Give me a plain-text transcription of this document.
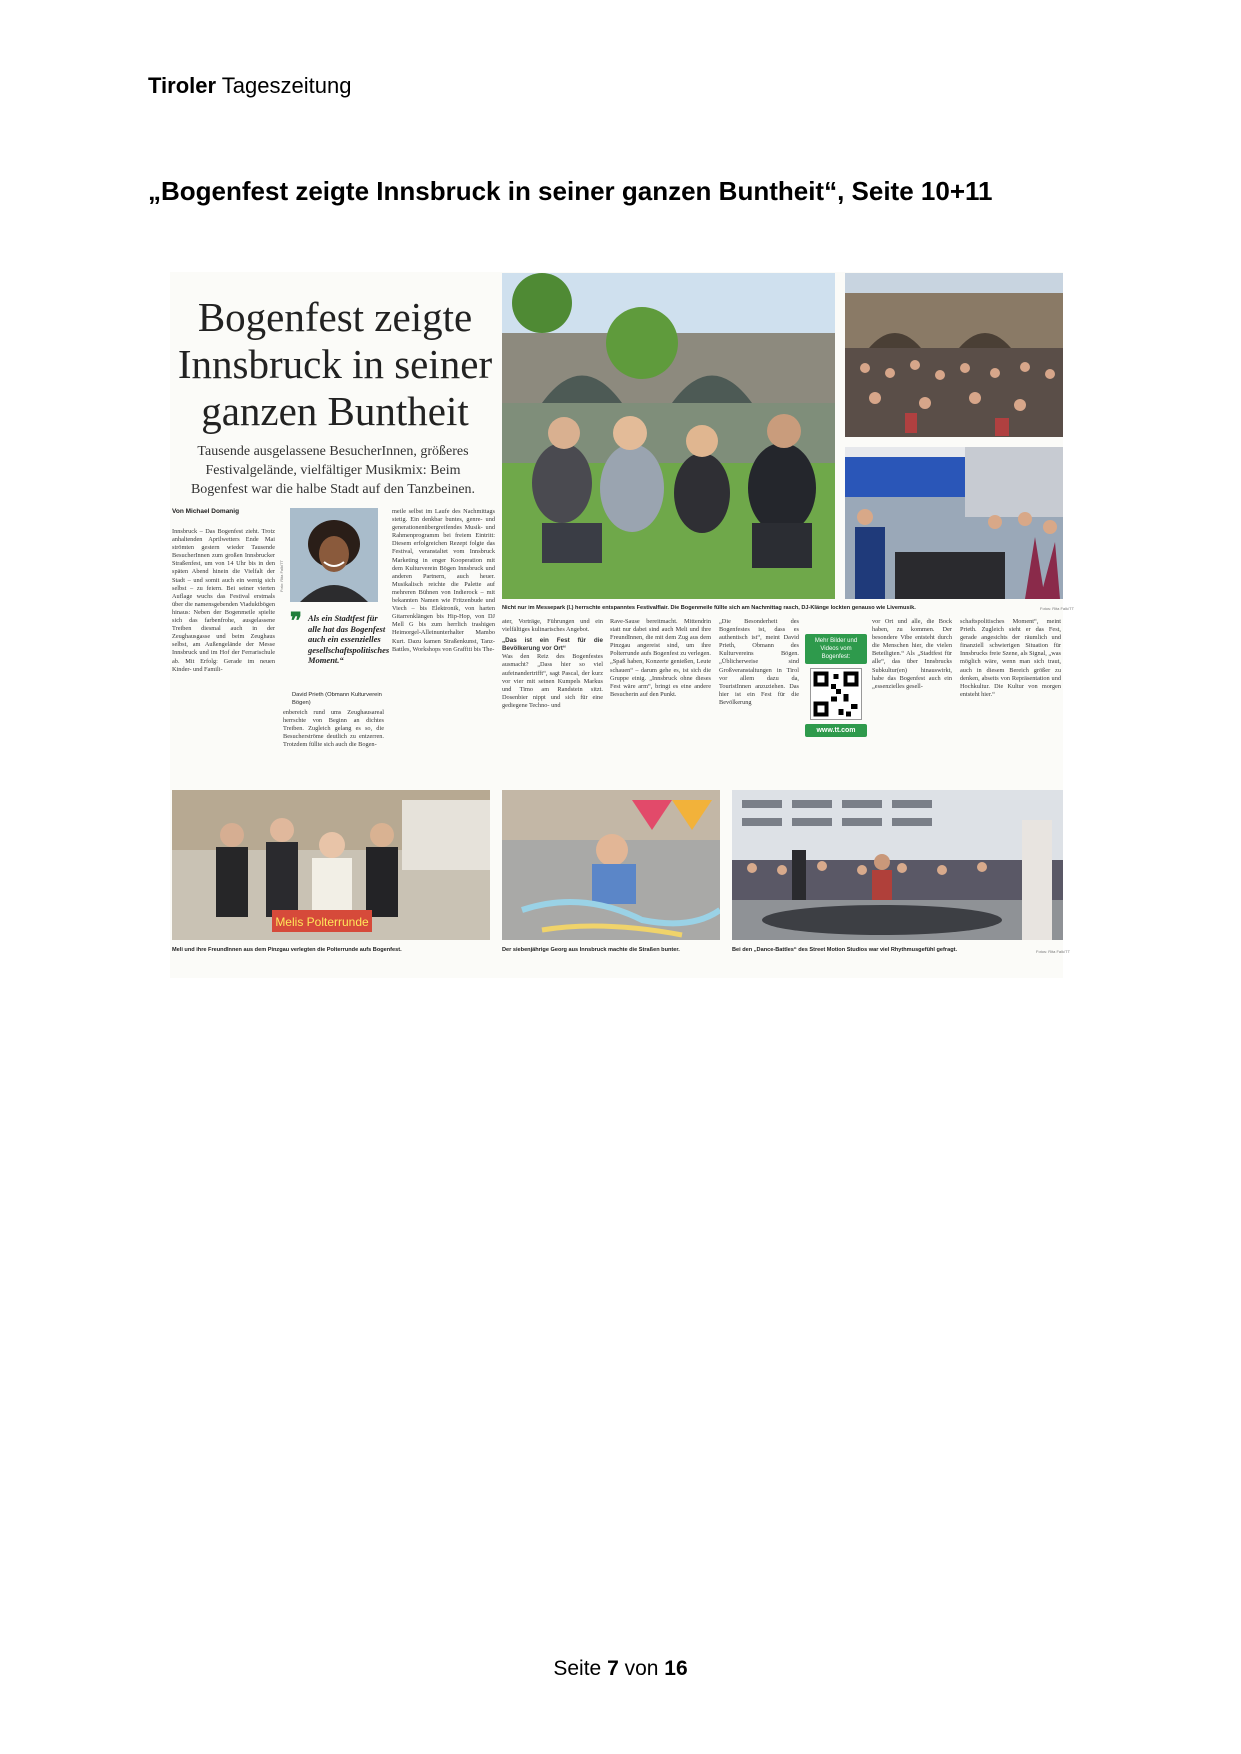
Tiroler Tageszeitung
„Bogenfest zeigte Innsbruck in seiner ganzen Buntheit“, Seite 10+11
Bogenfest zeigte
Innsbruck in seiner
ganzen Buntheit
Tausende ausgelassene BesucherInnen, größeres Festivalgelände, vielfältiger Musikmix: Beim Bogenfest war die halbe Stadt auf den Tanzbeinen.
Von Michael Domanig
Innsbruck – Das Bogenfest zieht. Trotz anhaltenden Aprilwetters Ende Mai strömten gestern wieder Tausende BesucherInnen zum großen Innsbrucker Straßenfest, um von 14 Uhr bis in den späten Abend hinein die Vielfalt der Stadt – und somit auch ein wenig sich selbst – zu feiern. Bei seiner vierten Auflage wuchs das Festival erstmals über die namensgebenden Viaduktbögen hinaus: Neben der Bogenmeile spielte sich das farbenfrohe, ausgelassene Treiben diesmal auch in der Zeughausgasse und beim Zeughaus selbst, am Außengelände der Messe Innsbruck und im Hof der Ferrarischule ab. Mit Erfolg: Gerade im neuen Kinder- und Famili-
Foto: Rita Falk/TT
❞ Als ein Stadtfest für alle hat das Bogenfest auch ein essenzielles gesellschaftspolitisches Moment.“
David Prieth (Obmann Kulturverein Bögen)
enbereich rund ums Zeughausareal herrschte von Beginn an dichtes Treiben. Zugleich gelang es so, die Besucherströme deutlich zu entzerren. Trotzdem füllte sich auch die Bogen-
meile selbst im Laufe des Nachmittags stetig. Ein denkbar buntes, genre- und generationenübergreifendes Musik- und Rahmenprogramm bei freiem Eintritt: Diesem erfolgreichen Rezept folgte das Festival, veranstaltet vom Innsbruck Marketing in enger Kooperation mit dem Kulturverein Bögen Innsbruck und anderen Partnern, auch heuer. Musikalisch reichte die Palette auf mehreren Bühnen von Indierock – mit bekannten Namen wie Fritzenbude und Viech – bis Elektronik, von harten Gitarrenklängen bis Hip-Hop, von DJ Mell G bis zum herrlich trashigen Heimorgel-Alleinunterhalter Mambo Kurt. Dazu kamen Straßenkunst, Tanz-Battles, Workshops von Graffiti bis The-
Nicht nur im Messepark (l.) herrschte entspanntes Festivalflair. Die Bogenmeile füllte sich am Nachmittag rasch, DJ-Klänge lockten genauso wie Livemusik.	Fotos: Rita Falk/TT
ater, Vorträge, Führungen und ein vielfältiges kulinarisches Angebot.
„Das ist ein Fest für die Bevölkerung vor Ort“
Was den Reiz des Bogenfestes ausmacht? „Dass hier so viel aufeinandertrifft“, sagt Pascal, der kurz vor vier mit seinen Kumpels Markus und Timo am Randstein sitzt. Dosenbier nippt und sich für eine gediegene Techno- und
Rave-Sause bereitmacht. Mittendrin statt nur dabei sind auch Meli und ihre FreundInnen, die mit dem Zug aus dem Pinzgau angereist sind, um ihre Polterrunde aufs Bogenfest zu verlegen. „Spaß haben, Konzerte genießen, Leute schauen“ – darum gehe es, ist sich die Gruppe einig. „Innsbruck ohne dieses Fest wäre arm“, bringt es eine andere Besucherin auf den Punkt.
„Die Besonderheit des Bogenfestes ist, dass es authentisch ist“, meint David Prieth, Obmann des Kulturvereins Bögen. „Üblicherweise sind Großveranstaltungen in Tirol vor allem dazu da, TouristInnen anzuziehen. Das hier ist ein Fest für die Bevölkerung
Mehr Bilder und Videos vom Bogenfest:
www.tt.com
vor Ort und alle, die Bock haben, zu kommen. Der besondere Vibe entsteht durch die Menschen hier, die vielen Beteiligten.“ Als „Stadtfest für alle“, das über Innsbrucks Subkultur(en) hinauswirkt, habe das Bogenfest auch ein „essenzielles gesell-
schaftspolitisches Moment“, meint Prieth. Zugleich sieht er das Fest, gerade angesichts der räumlich und finanziell schwierigen Situation für Innsbrucks freie Szene, als Signal, „was möglich wäre, wenn man sich traut, auch in diesem Bereich größer zu denken, abseits von Repräsentation und Hochkultur. Die Kultur von morgen entsteht hier.“
Melis Polterrunde
Meli und ihre FreundInnen aus dem Pinzgau verlegten die Polterrunde aufs Bogenfest.	Der siebenjährige Georg aus Innsbruck machte die Straßen bunter.	Bei den „Dance-Battles“ des Street Motion Studios war viel Rhythmusgefühl gefragt.	Fotos: Rita Falk/TT
Seite 7 von 16
